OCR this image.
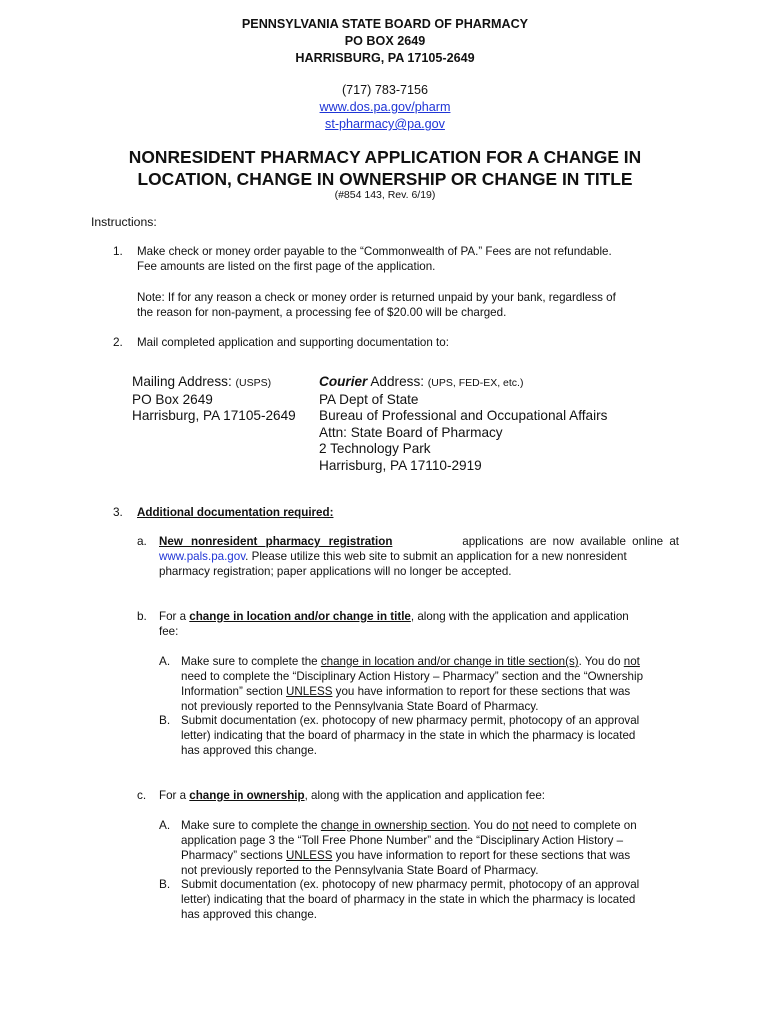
PENNSYLVANIA STATE BOARD OF PHARMACY
PO BOX 2649
HARRISBURG, PA 17105-2649
(717) 783-7156
www.dos.pa.gov/pharm
st-pharmacy@pa.gov
NONRESIDENT PHARMACY APPLICATION FOR A CHANGE IN
LOCATION, CHANGE IN OWNERSHIP OR CHANGE IN TITLE
(#854 143, Rev. 6/19)
Instructions:
1. Make check or money order payable to the “Commonwealth of PA.” Fees are not refundable.
Fee amounts are listed on the first page of the application.
Note: If for any reason a check or money order is returned unpaid by your bank, regardless of
the reason for non-payment, a processing fee of $20.00 will be charged.
2. Mail completed application and supporting documentation to:
Mailing Address: (USPS)
PO Box 2649
Harrisburg, PA 17105-2649
Courier Address: (UPS, FED-EX, etc.)
PA Dept of State
Bureau of Professional and Occupational Affairs
Attn: State Board of Pharmacy
2 Technology Park
Harrisburg, PA 17110-2919
3. Additional documentation required:
a. New nonresident pharmacy registration	applications are now available online at
www.pals.pa.gov. Please utilize this web site to submit an application for a new nonresident
pharmacy registration; paper applications will no longer be accepted.
b. For a change in location and/or change in title, along with the application and application
fee:
A. Make sure to complete the change in location and/or change in title section(s). You do not
need to complete the “Disciplinary Action History – Pharmacy” section and the “Ownership
Information” section UNLESS you have information to report for these sections that was
not previously reported to the Pennsylvania State Board of Pharmacy.
B. Submit documentation (ex. photocopy of new pharmacy permit, photocopy of an approval
letter) indicating that the board of pharmacy in the state in which the pharmacy is located
has approved this change.
c. For a change in ownership, along with the application and application fee:
A. Make sure to complete the change in ownership section. You do not need to complete on
application page 3 the “Toll Free Phone Number” and the “Disciplinary Action History –
Pharmacy” sections UNLESS you have information to report for these sections that was
not previously reported to the Pennsylvania State Board of Pharmacy.
B. Submit documentation (ex. photocopy of new pharmacy permit, photocopy of an approval
letter) indicating that the board of pharmacy in the state in which the pharmacy is located
has approved this change.
